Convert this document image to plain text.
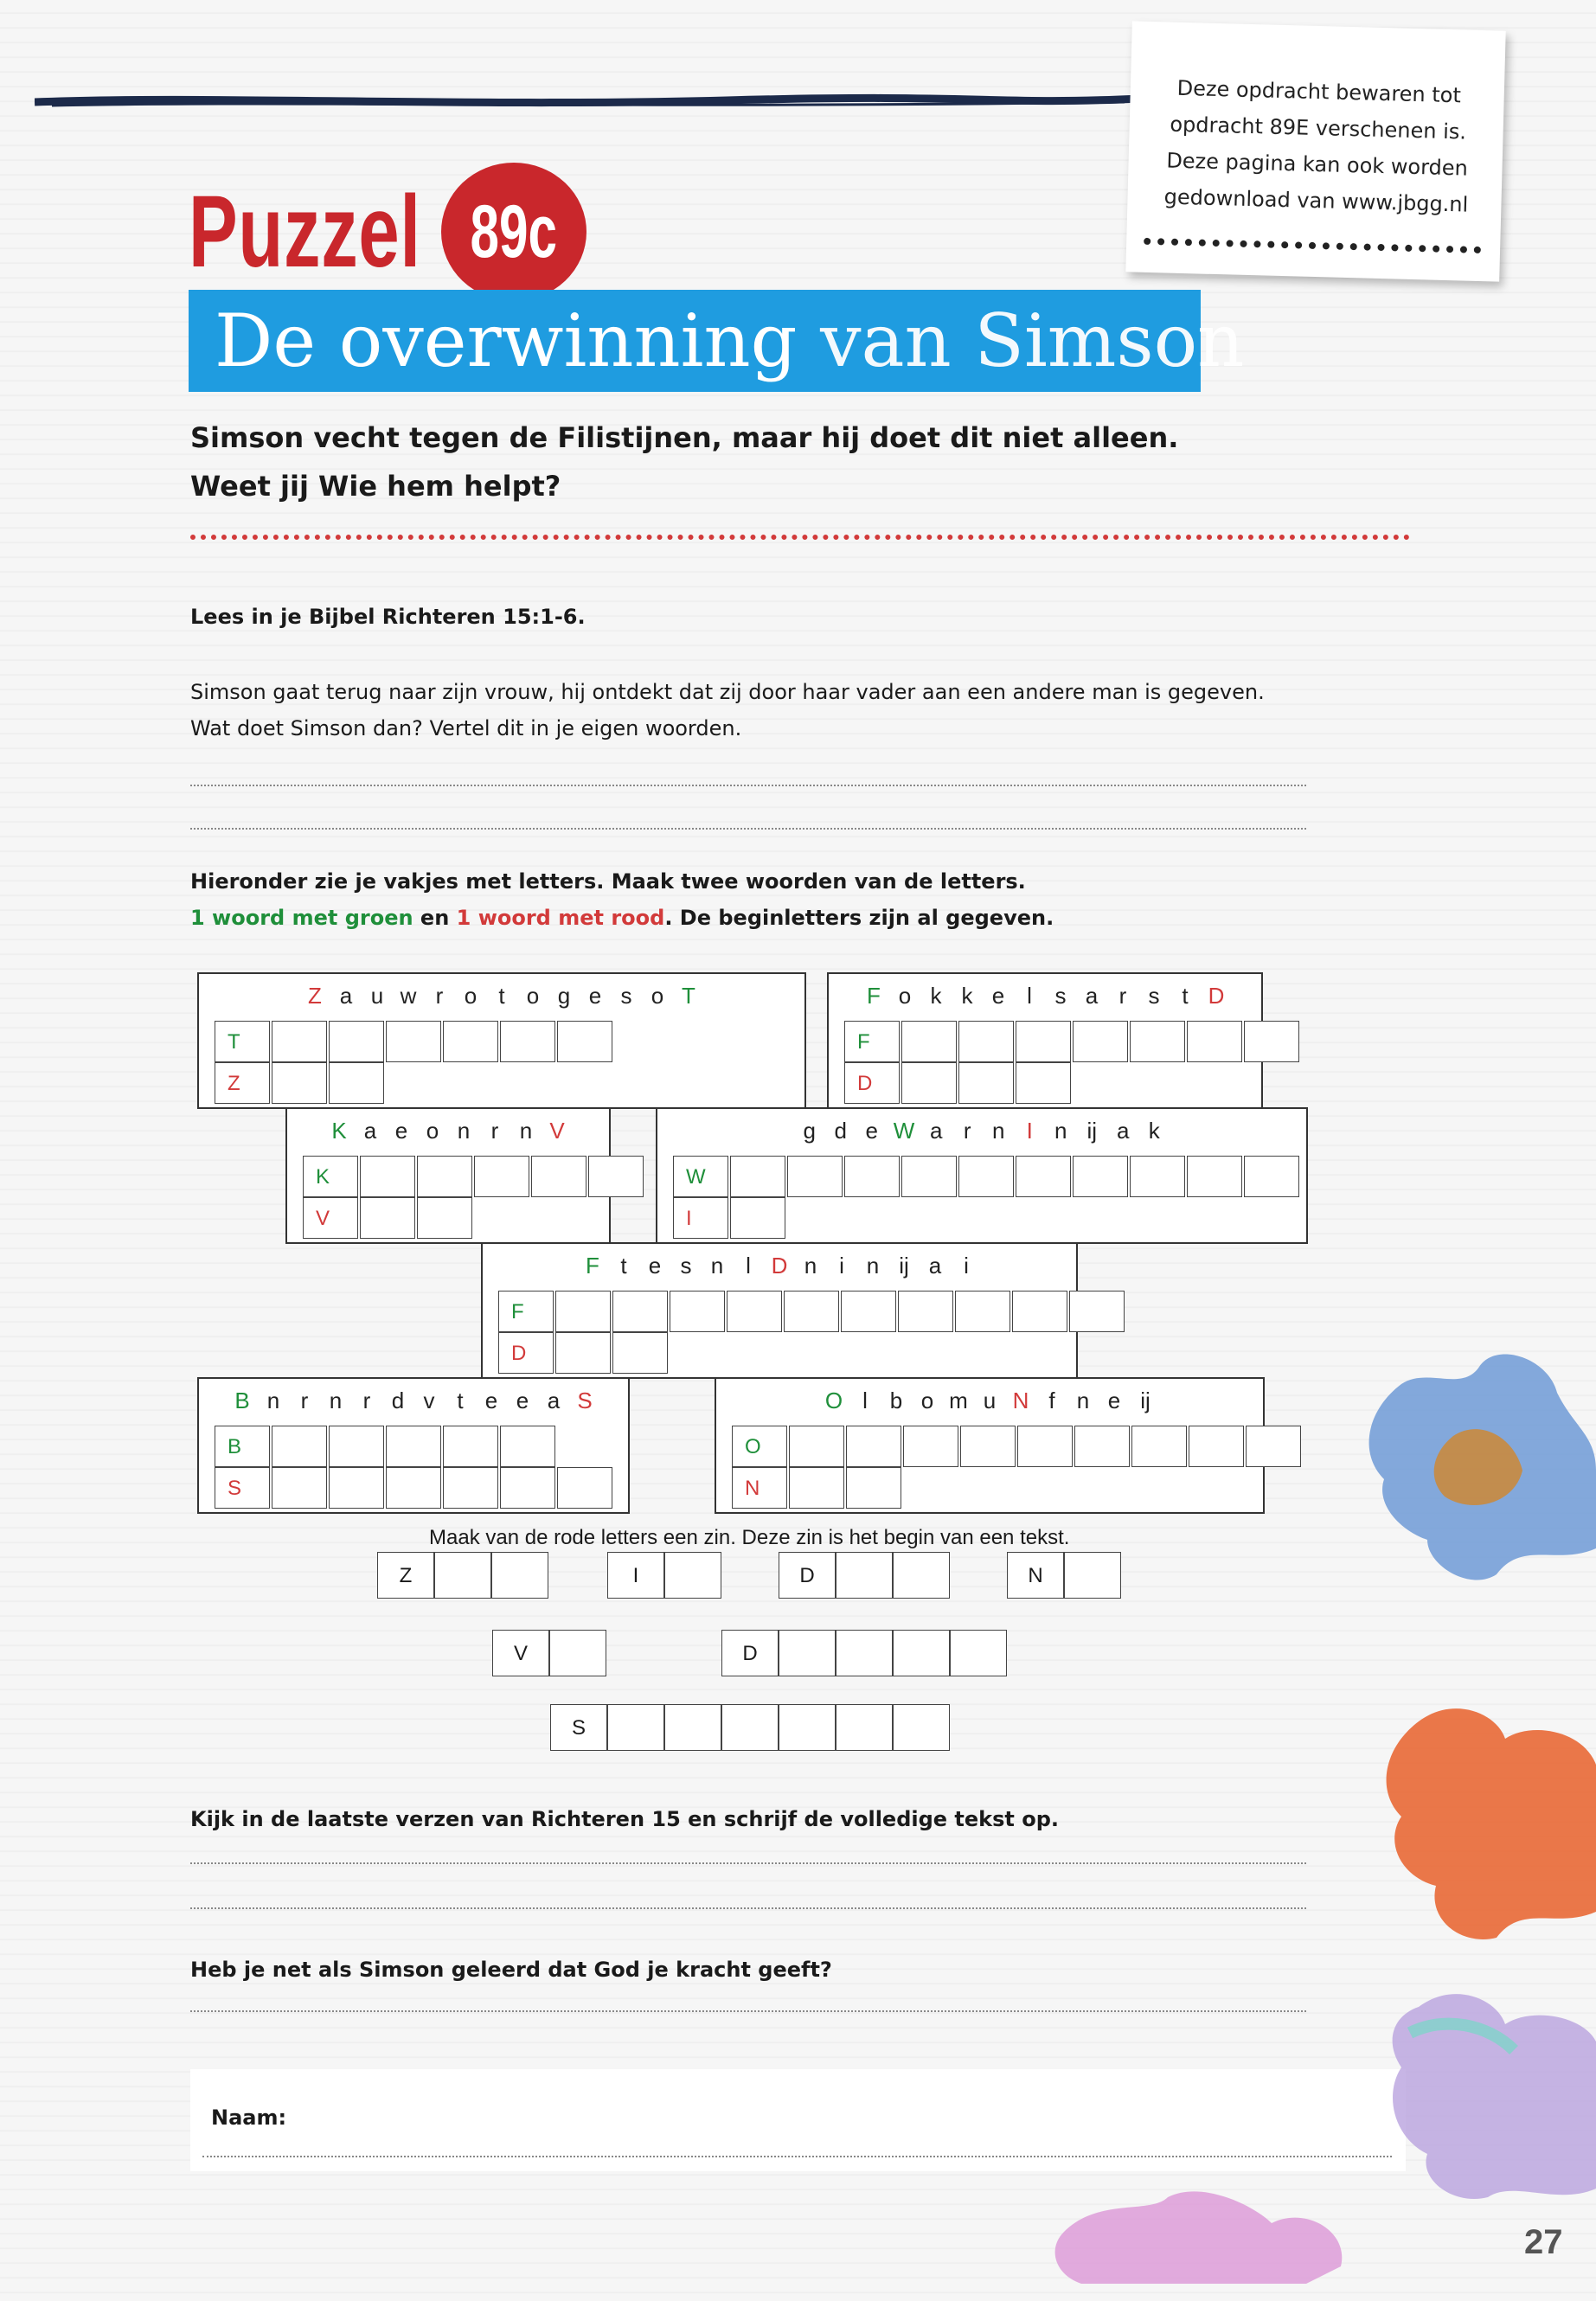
Deze opdracht bewaren tot
opdracht 89E verschenen is.
Deze pagina kan ook worden
gedownload van www.jbgg.nl
Puzzel 89c
De overwinning van Simson
Simson vecht tegen de Filistijnen, maar hij doet dit niet alleen.
Weet jij Wie hem helpt?
Lees in je Bijbel Richteren 15:1-6.
Simson gaat terug naar zijn vrouw, hij ontdekt dat zij door haar vader aan een andere man is gegeven.
Wat doet Simson dan? Vertel dit in je eigen woorden.
Hieronder zie je vakjes met letters. Maak twee woorden van de letters.
1 woord met groen en 1 woord met rood. De beginletters zijn al gegeven.
Z a u w r o t o g e s o T
T
Z
F o k k e l	s a r s t D
F
D
K a e o n r n V
K
V
g d e W a r n I n ij a k
W
I
F t e s n l D n i n ij a i
F
D
B n r n r d v t e e a S
B
S
O l b o m u N f n e ij
O
N
Maak van de rode letters een zin. Deze zin is het begin van een tekst.
Z	I	D	N
V	D
S
Kijk in de laatste verzen van Richteren 15 en schrijf de volledige tekst op.
Heb je net als Simson geleerd dat God je kracht geeft?
Naam:
27
